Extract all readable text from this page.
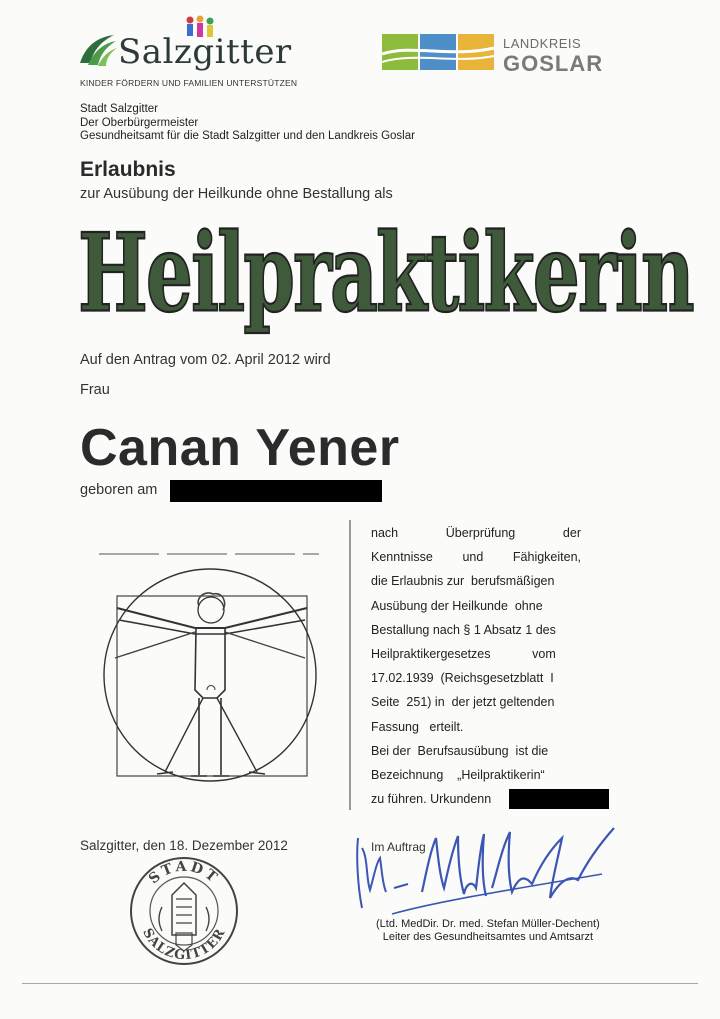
Salzgitter
KINDER FÖRDERN UND FAMILIEN UNTERSTÜTZEN
LANDKREIS
GOSLAR
Stadt Salzgitter
Der Oberbürgermeister
Gesundheitsamt für die Stadt Salzgitter und den Landkreis Goslar
Erlaubnis
zur Ausübung der Heilkunde ohne Bestallung als
Heilpraktikerin
Auf den Antrag vom 02. April 2012 wird
Frau
Canan Yener
geboren am
nach          Überprüfung          der
Kenntnisse     und     Fähigkeiten,
die Erlaubnis zur  berufsmäßigen
Ausübung der Heilkunde  ohne
Bestallung nach § 1 Absatz 1 des
Heilpraktikergesetzes            vom
17.02.1939  (Reichsgesetzblatt  I
Seite  251) in  der jetzt geltenden
Fassung   erteilt.
Bei der  Berufsausübung  ist die
Bezeichnung    „Heilpraktikerin“
zu führen. Urkundenn
Salzgitter, den 18. Dezember 2012
STADT
SALZGITTER
Im Auftrag
(Ltd. MedDir. Dr. med. Stefan Müller-Dechent)
Leiter des Gesundheitsamtes und Amtsarzt
